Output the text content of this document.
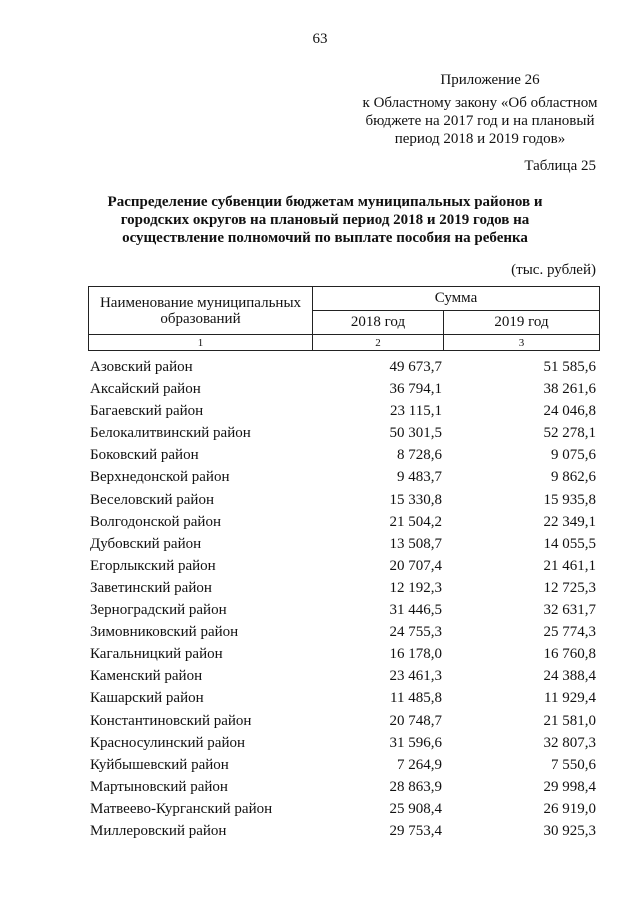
63
Приложение 26
к Областному закону «Об областном
бюджете на 2017 год и на плановый
период 2018 и 2019 годов»
Таблица 25
Распределение субвенции бюджетам муниципальных районов и
городских округов на плановый период 2018 и 2019 годов на
осуществление полномочий по выплате пособия на ребенка
(тыс. рублей)
Наименование муниципальных
образований	Сумма	
	2018 год	2019 год
1	2	3
Азовский район	49 673,7	51 585,6
Аксайский район	36 794,1	38 261,6
Багаевский район	23 115,1	24 046,8
Белокалитвинский район	50 301,5	52 278,1
Боковский район	8 728,6	9 075,6
Верхнедонской район	9 483,7	9 862,6
Веселовский район	15 330,8	15 935,8
Волгодонской район	21 504,2	22 349,1
Дубовский район	13 508,7	14 055,5
Егорлыкский район	20 707,4	21 461,1
Заветинский район	12 192,3	12 725,3
Зерноградский район	31 446,5	32 631,7
Зимовниковский район	24 755,3	25 774,3
Кагальницкий район	16 178,0	16 760,8
Каменский район	23 461,3	24 388,4
Кашарский район	11 485,8	11 929,4
Константиновский район	20 748,7	21 581,0
Красносулинский район	31 596,6	32 807,3
Куйбышевский район	7 264,9	7 550,6
Мартыновский район	28 863,9	29 998,4
Матвеево-Курганский район	25 908,4	26 919,0
Миллеровский район	29 753,4	30 925,3
